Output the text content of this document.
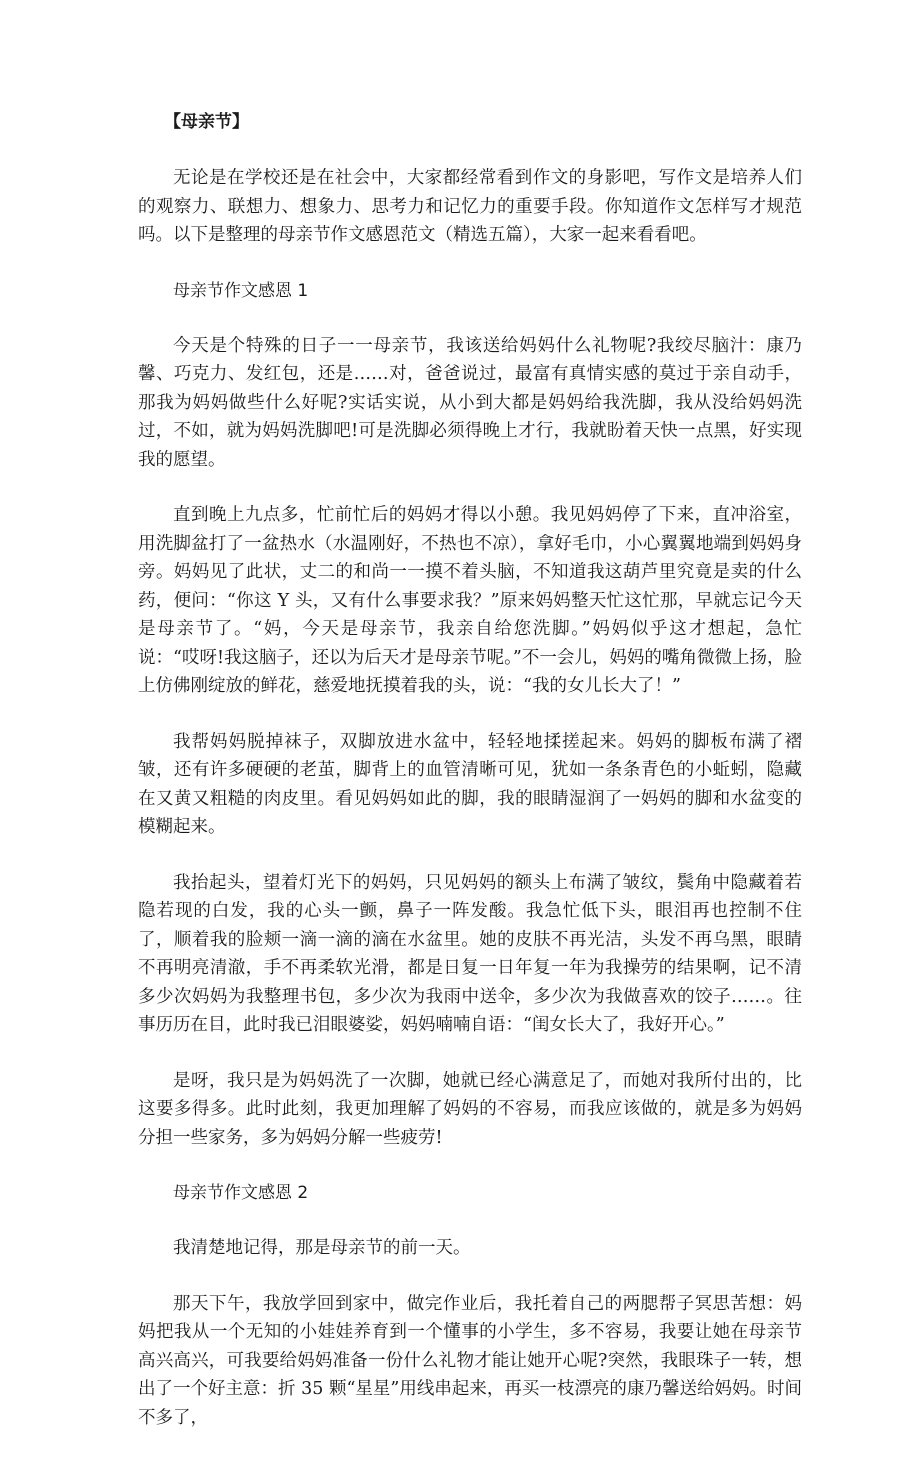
【母亲节】

无论是在学校还是在社会中，大家都经常看到作文的身影吧，写作文是培养人们的观察力、联想力、想象力、思考力和记忆力的重要手段。你知道作文怎样写才规范吗。以下是整理的母亲节作文感恩范文（精选五篇），大家一起来看看吧。

母亲节作文感恩 1

今天是个特殊的日子一一母亲节，我该送给妈妈什么礼物呢?我绞尽脑汁：康乃馨、巧克力、发红包，还是……对，爸爸说过，最富有真情实感的莫过于亲自动手，那我为妈妈做些什么好呢?实话实说，从小到大都是妈妈给我洗脚，我从没给妈妈洗过，不如，就为妈妈洗脚吧!可是洗脚必须得晚上才行，我就盼着天快一点黑，好实现我的愿望。

直到晚上九点多，忙前忙后的妈妈才得以小憩。我见妈妈停了下来，直冲浴室，用洗脚盆打了一盆热水（水温刚好，不热也不凉），拿好毛巾，小心翼翼地端到妈妈身旁。妈妈见了此状，丈二的和尚一一摸不着头脑，不知道我这葫芦里究竟是卖的什么药，便问：“你这 Y 头，又有什么事要求我？”原来妈妈整天忙这忙那，早就忘记今天是母亲节了。“妈，今天是母亲节，我亲自给您洗脚。”妈妈似乎这才想起，急忙说：“哎呀!我这脑子，还以为后天才是母亲节呢。”不一会儿，妈妈的嘴角微微上扬，脸上仿佛刚绽放的鲜花，慈爱地抚摸着我的头，说：“我的女儿长大了！”

我帮妈妈脱掉袜子，双脚放进水盆中，轻轻地揉搓起来。妈妈的脚板布满了褶皱，还有许多硬硬的老茧，脚背上的血管清晰可见，犹如一条条青色的小蚯蚓，隐藏在又黄又粗糙的肉皮里。看见妈妈如此的脚，我的眼睛湿润了一妈妈的脚和水盆变的模糊起来。

我抬起头，望着灯光下的妈妈，只见妈妈的额头上布满了皱纹，鬓角中隐藏着若隐若现的白发，我的心头一颤，鼻子一阵发酸。我急忙低下头，眼泪再也控制不住了，顺着我的脸颊一滴一滴的滴在水盆里。她的皮肤不再光洁，头发不再乌黑，眼睛不再明亮清澈，手不再柔软光滑，都是日复一日年复一年为我操劳的结果啊，记不清多少次妈妈为我整理书包，多少次为我雨中送伞，多少次为我做喜欢的饺子……。往事历历在目，此时我已泪眼婆娑，妈妈喃喃自语：“闺女长大了，我好开心。”

是呀，我只是为妈妈洗了一次脚，她就已经心满意足了，而她对我所付出的，比这要多得多。此时此刻，我更加理解了妈妈的不容易，而我应该做的，就是多为妈妈分担一些家务，多为妈妈分解一些疲劳!

母亲节作文感恩 2

我清楚地记得，那是母亲节的前一天。

那天下午，我放学回到家中，做完作业后，我托着自己的两腮帮子冥思苦想：妈妈把我从一个无知的小娃娃养育到一个懂事的小学生，多不容易，我要让她在母亲节高兴高兴，可我要给妈妈准备一份什么礼物才能让她开心呢?突然，我眼珠子一转，想出了一个好主意：折 35 颗“星星”用线串起来，再买一枝漂亮的康乃馨送给妈妈。时间不多了，
